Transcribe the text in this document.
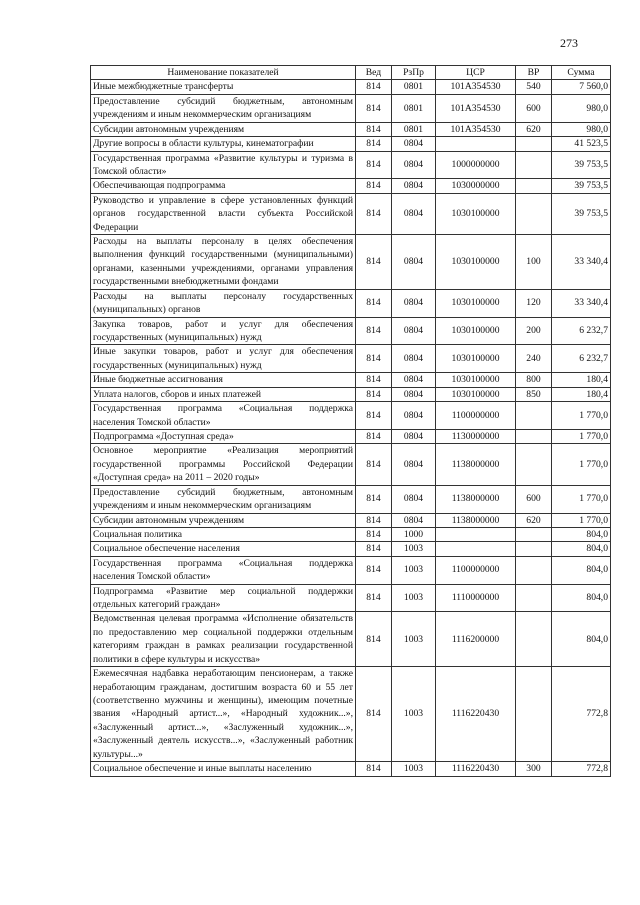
273
Наименование показателей	Вед	РзПр	ЦСР	ВР	Сумма
Иные межбюджетные трансферты	814	0801	101A354530	540	7 560,0
Предоставление субсидий бюджетным, автономным учреждениям и иным некоммерческим организациям	814	0801	101A354530	600	980,0
Субсидии автономным учреждениям	814	0801	101A354530	620	980,0
Другие вопросы в области культуры, кинематографии	814	0804			41 523,5
Государственная программа «Развитие культуры и туризма в Томской области»	814	0804	1000000000		39 753,5
Обеспечивающая подпрограмма	814	0804	1030000000		39 753,5
Руководство и управление в сфере установленных функций органов государственной власти субъекта Российской Федерации	814	0804	1030100000		39 753,5
Расходы на выплаты персоналу в целях обеспечения выполнения функций государственными (муниципальными) органами, казенными учреждениями, органами управления государственными внебюджетными фондами	814	0804	1030100000	100	33 340,4
Расходы на выплаты персоналу государственных (муниципальных) органов	814	0804	1030100000	120	33 340,4
Закупка товаров, работ и услуг для обеспечения государственных (муниципальных) нужд	814	0804	1030100000	200	6 232,7
Иные закупки товаров, работ и услуг для обеспечения государственных (муниципальных) нужд	814	0804	1030100000	240	6 232,7
Иные бюджетные ассигнования	814	0804	1030100000	800	180,4
Уплата налогов, сборов и иных платежей	814	0804	1030100000	850	180,4
Государственная программа «Социальная поддержка населения Томской области»	814	0804	1100000000		1 770,0
Подпрограмма «Доступная среда»	814	0804	1130000000		1 770,0
Основное мероприятие «Реализация мероприятий государственной программы Российской Федерации «Доступная среда» на 2011 – 2020 годы»	814	0804	1138000000		1 770,0
Предоставление субсидий бюджетным, автономным учреждениям и иным некоммерческим организациям	814	0804	1138000000	600	1 770,0
Субсидии автономным учреждениям	814	0804	1138000000	620	1 770,0
Социальная политика	814	1000			804,0
Социальное обеспечение населения	814	1003			804,0
Государственная программа «Социальная поддержка населения Томской области»	814	1003	1100000000		804,0
Подпрограмма «Развитие мер социальной поддержки отдельных категорий граждан»	814	1003	1110000000		804,0
Ведомственная целевая программа «Исполнение обязательств по предоставлению мер социальной поддержки отдельным категориям граждан в рамках реализации государственной политики в сфере культуры и искусства»	814	1003	1116200000		804,0
Ежемесячная надбавка неработающим пенсионерам, а также неработающим гражданам, достигшим возраста 60 и 55 лет (соответственно мужчины и женщины), имеющим почетные звания «Народный артист...», «Народный художник...», «Заслуженный артист...», «Заслуженный художник...», «Заслуженный деятель искусств...», «Заслуженный работник культуры...»	814	1003	1116220430		772,8
Социальное обеспечение и иные выплаты населению	814	1003	1116220430	300	772,8
